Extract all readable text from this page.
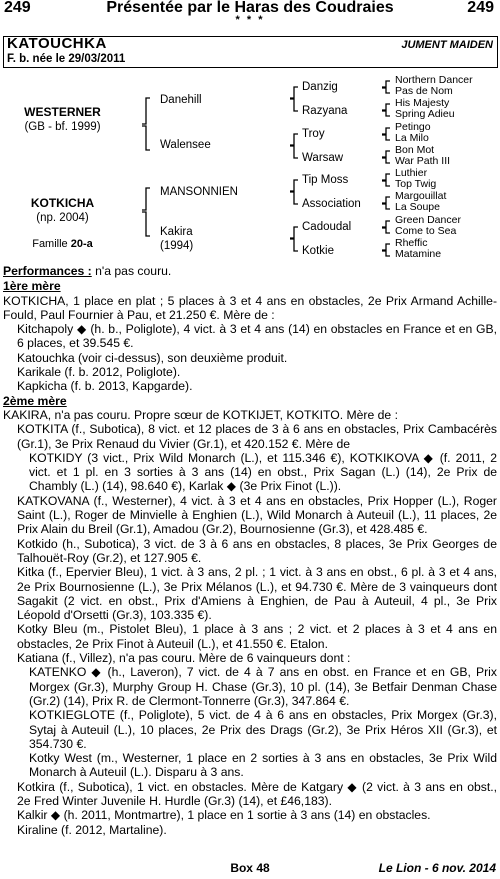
249	Présentée par le Haras des Coudraies	249
* * *
KATOUCHKA
F. b. née le 29/03/2011
JUMENT MAIDEN
WESTERNER
(GB - bf. 1999)
KOTKICHA
(np. 2004)
Famille 20-a
Danehill
Walensee
MANSONNIEN
Kakira
(1994)
Danzig
Razyana
Troy
Warsaw
Tip Moss
Association
Cadoudal
Kotkie
Northern Dancer
Pas de Nom
His Majesty
Spring Adieu
Petingo
La Milo
Bon Mot
War Path III
Luthier
Top Twig
Margouillat
La Soupe
Green Dancer
Come to Sea
Rheffic
Matamine

Performances : n'a pas couru.

1ère mère

KOTKICHA, 1 place en plat ; 5 places à 3 et 4 ans en obstacles, 2e Prix Armand Achille-Fould, Paul Fournier à Pau, et 21.250 €. Mère de :

Kitchapoly ◆ (h. b., Poliglote), 4 vict. à 3 et 4 ans (14) en obstacles en France et en GB, 6 places, et 39.545 €.

Katouchka (voir ci-dessus), son deuxième produit.

Karikale (f. b. 2012, Poliglote).

Kapkicha (f. b. 2013, Kapgarde).

2ème mère

KAKIRA, n'a pas couru. Propre sœur de KOTKIJET, KOTKITO. Mère de :

KOTKITA (f., Subotica), 8 vict. et 12 places de 3 à 6 ans en obstacles, Prix Cambacérès (Gr.1), 3e Prix Renaud du Vivier (Gr.1), et 420.152 €. Mère de

KOTKIDY (3 vict., Prix Wild Monarch (L.), et 115.346 €), KOTKIKOVA ◆ (f. 2011, 2 vict. et 1 pl. en 3 sorties à 3 ans (14) en obst., Prix Sagan (L.) (14), 2e Prix de Chambly (L.) (14), 98.640 €), Karlak ◆ (3e Prix Finot (L.)).

KATKOVANA (f., Westerner), 4 vict. à 3 et 4 ans en obstacles, Prix Hopper (L.), Roger Saint (L.), Roger de Minvielle à Enghien (L.), Wild Monarch à Auteuil (L.), 11 places, 2e Prix Alain du Breil (Gr.1), Amadou (Gr.2), Bournosienne (Gr.3), et 428.485 €.

Kotkido (h., Subotica), 3 vict. de 3 à 6 ans en obstacles, 8 places, 3e Prix Georges de Talhouët-Roy (Gr.2), et 127.905 €.

Kitka (f., Epervier Bleu), 1 vict. à 3 ans, 2 pl. ; 1 vict. à 3 ans en obst., 6 pl. à 3 et 4 ans, 2e Prix Bournosienne (L.), 3e Prix Mélanos (L.), et 94.730 €. Mère de 3 vainqueurs dont Sagakit (2 vict. en obst., Prix d'Amiens à Enghien, de Pau à Auteuil, 4 pl., 3e Prix Léopold d'Orsetti (Gr.3), 103.335 €).

Kotky Bleu (m., Pistolet Bleu), 1 place à 3 ans ; 2 vict. et 2 places à 3 et 4 ans en obstacles, 2e Prix Finot à Auteuil (L.), et 41.550 €. Etalon.

Katiana (f., Villez), n'a pas couru. Mère de 6 vainqueurs dont :

KATENKO ◆ (h., Laveron), 7 vict. de 4 à 7 ans en obst. en France et en GB, Prix Morgex (Gr.3), Murphy Group H. Chase (Gr.3), 10 pl. (14), 3e Betfair Denman Chase (Gr.2) (14), Prix R. de Clermont-Tonnerre (Gr.3), 347.864 €.

KOTKIEGLOTE (f., Poliglote), 5 vict. de 4 à 6 ans en obstacles, Prix Morgex (Gr.3), Sytaj à Auteuil (L.), 10 places, 2e Prix des Drags (Gr.2), 3e Prix Héros XII (Gr.3), et 354.730 €.

Kotky West (m., Westerner, 1 place en 2 sorties à 3 ans en obstacles, 3e Prix Wild Monarch à Auteuil (L.). Disparu à 3 ans.

Kotkira (f., Subotica), 1 vict. en obstacles. Mère de Katgary ◆ (2 vict. à 3 ans en obst., 2e Fred Winter Juvenile H. Hurdle (Gr.3) (14), et £46,183).

Kalkir ◆ (h. 2011, Montmartre), 1 place en 1 sortie à 3 ans (14) en obstacles.

Kiraline (f. 2012, Martaline).

Box 48	Le Lion - 6 nov. 2014
